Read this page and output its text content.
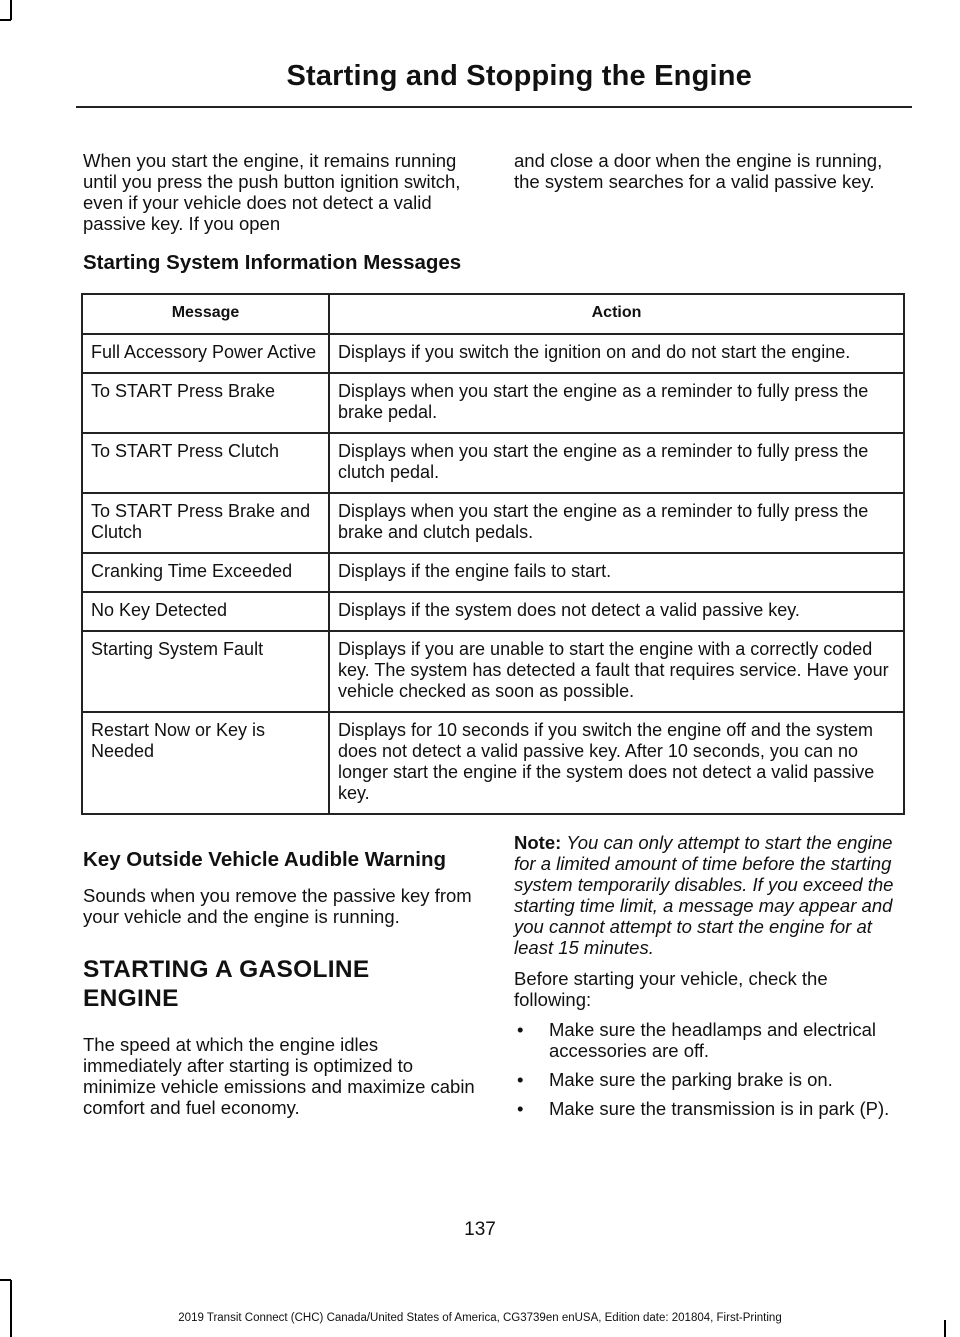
Starting and Stopping the Engine
When you start the engine, it remains running until you press the push button ignition switch, even if your vehicle does not detect a valid passive key. If you open
and close a door when the engine is running, the system searches for a valid passive key.
Starting System Information Messages
Message	Action
Full Accessory Power Active	Displays if you switch the ignition on and do not start the engine.
To START Press Brake	Displays when you start the engine as a reminder to fully press the brake pedal.
To START Press Clutch	Displays when you start the engine as a reminder to fully press the clutch pedal.
To START Press Brake and Clutch	Displays when you start the engine as a reminder to fully press the brake and clutch pedals.
Cranking Time Exceeded	Displays if the engine fails to start.
No Key Detected	Displays if the system does not detect a valid passive key.
Starting System Fault	Displays if you are unable to start the engine with a correctly coded key. The system has detected a fault that requires service. Have your vehicle checked as soon as possible.
Restart Now or Key is Needed	Displays for 10 seconds if you switch the engine off and the system does not detect a valid passive key. After 10 seconds, you can no longer start the engine if the system does not detect a valid passive key.
Key Outside Vehicle Audible Warning
Sounds when you remove the passive key from your vehicle and the engine is running.
STARTING A GASOLINE
ENGINE
The speed at which the engine idles immediately after starting is optimized to minimize vehicle emissions and maximize cabin comfort and fuel economy.
Note: You can only attempt to start the engine for a limited amount of time before the starting system temporarily disables. If you exceed the starting time limit, a message may appear and you cannot attempt to start the engine for at least 15 minutes.
Before starting your vehicle, check the following:
• Make sure the headlamps and electrical accessories are off.
• Make sure the parking brake is on.
• Make sure the transmission is in park (P).
137
2019 Transit Connect (CHC) Canada/United States of America, CG3739en enUSA, Edition date: 201804, First-Printing
